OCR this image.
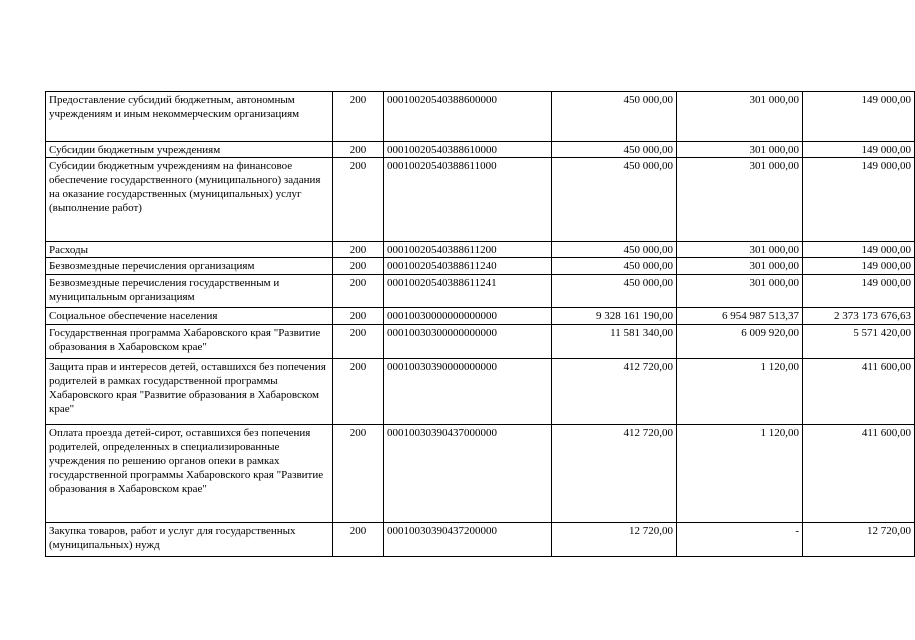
Предоставление субсидий бюджетным, автономным учреждениям и иным некоммерческим организациям	200	00010020540388600000	450 000,00	301 000,00	149 000,00
Субсидии бюджетным учреждениям	200	00010020540388610000	450 000,00	301 000,00	149 000,00
Субсидии бюджетным учреждениям на финансовое обеспечение государственного (муниципального) задания на оказание государственных (муниципальных) услуг (выполнение работ)	200	00010020540388611000	450 000,00	301 000,00	149 000,00
Расходы	200	00010020540388611200	450 000,00	301 000,00	149 000,00
Безвозмездные перечисления организациям	200	00010020540388611240	450 000,00	301 000,00	149 000,00
Безвозмездные перечисления государственным и муниципальным организациям	200	00010020540388611241	450 000,00	301 000,00	149 000,00
Социальное обеспечение населения	200	00010030000000000000	9 328 161 190,00	6 954 987 513,37	2 373 173 676,63
Государственная программа Хабаровского края "Развитие образования в Хабаровском крае"	200	00010030300000000000	11 581 340,00	6 009 920,00	5 571 420,00
Защита прав и интересов детей, оставшихся без попечения родителей в рамках государственной программы Хабаровского края "Развитие образования в Хабаровском крае"	200	00010030390000000000	412 720,00	1 120,00	411 600,00
Оплата проезда детей-сирот, оставшихся без попечения родителей, определенных в специализированные учреждения по решению органов опеки в рамках государственной программы Хабаровского края "Развитие образования в Хабаровском крае"	200	00010030390437000000	412 720,00	1 120,00	411 600,00
Закупка товаров, работ и услуг для государственных (муниципальных) нужд	200	00010030390437200000	12 720,00	-	12 720,00
